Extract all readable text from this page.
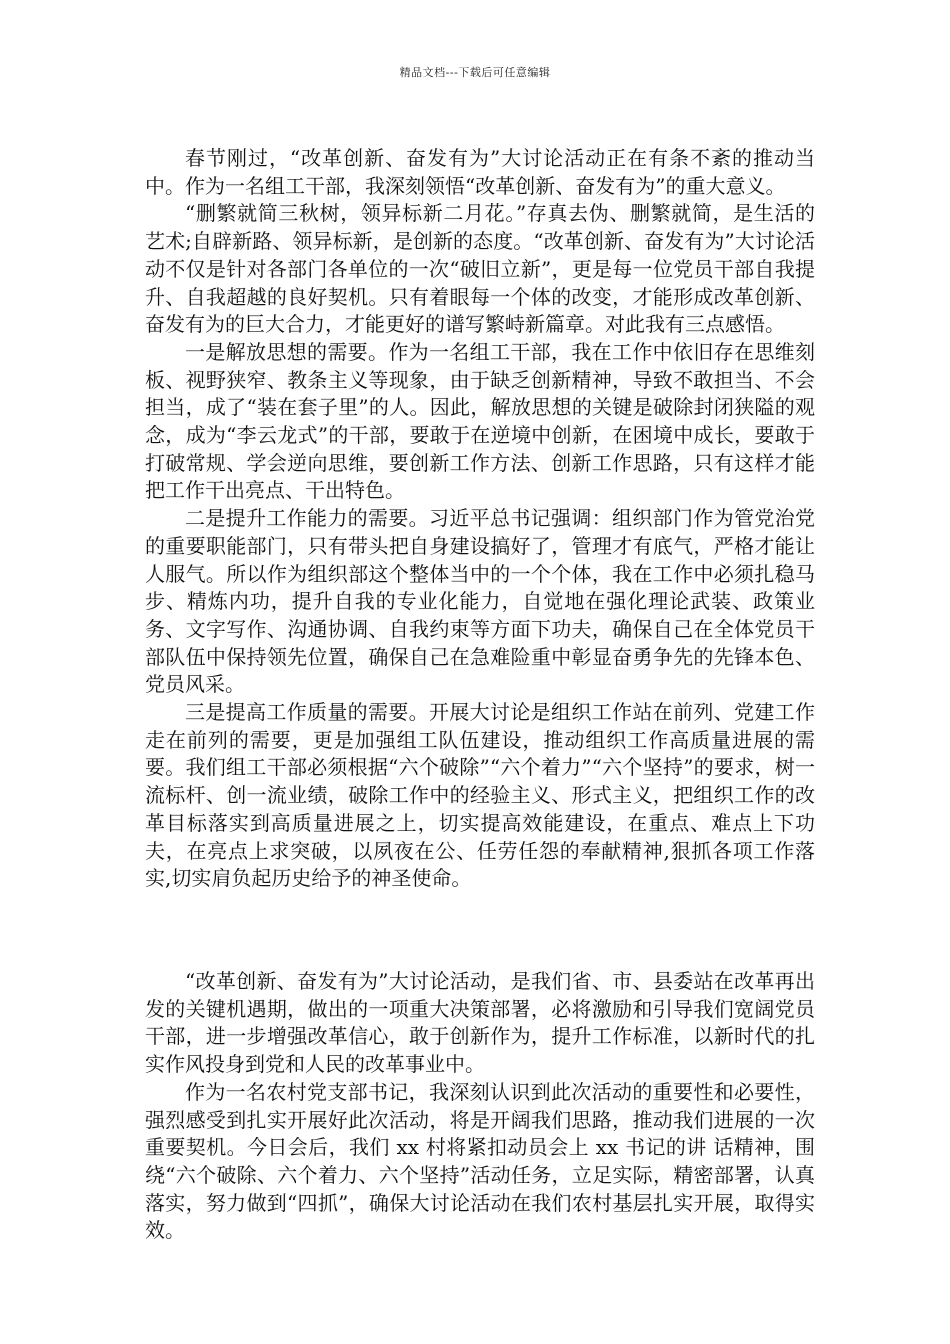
精品文档---下载后可任意编辑

春节刚过，“改革创新、奋发有为”大讨论活动正在有条不紊的推动当中。作为一名组工干部，我深刻领悟“改革创新、奋发有为”的重大意义。

“删繁就简三秋树，领异标新二月花。”存真去伪、删繁就简，是生活的艺术;自辟新路、领异标新，是创新的态度。“改革创新、奋发有为”大讨论活动不仅是针对各部门各单位的一次“破旧立新”，更是每一位党员干部自我提升、自我超越的良好契机。只有着眼每一个体的改变，才能形成改革创新、奋发有为的巨大合力，才能更好的谱写繁峙新篇章。对此我有三点感悟。

一是解放思想的需要。作为一名组工干部，我在工作中依旧存在思维刻板、视野狭窄、教条主义等现象，由于缺乏创新精神，导致不敢担当、不会担当，成了“装在套子里”的人。因此，解放思想的关键是破除封闭狭隘的观念，成为“李云龙式”的干部，要敢于在逆境中创新，在困境中成长，要敢于打破常规、学会逆向思维，要创新工作方法、创新工作思路，只有这样才能把工作干出亮点、干出特色。

二是提升工作能力的需要。习近平总书记强调：组织部门作为管党治党的重要职能部门，只有带头把自身建设搞好了，管理才有底气，严格才能让人服气。所以作为组织部这个整体当中的一个个体，我在工作中必须扎稳马步、精炼内功，提升自我的专业化能力，自觉地在强化理论武装、政策业务、文字写作、沟通协调、自我约束等方面下功夫，确保自己在全体党员干部队伍中保持领先位置，确保自己在急难险重中彰显奋勇争先的先锋本色、党员风采。

三是提高工作质量的需要。开展大讨论是组织工作站在前列、党建工作走在前列的需要，更是加强组工队伍建设，推动组织工作高质量进展的需要。我们组工干部必须根据“六个破除”“六个着力”“六个坚持”的要求，树一流标杆、创一流业绩，破除工作中的经验主义、形式主义，把组织工作的改革目标落实到高质量进展之上，切实提高效能建设，在重点、难点上下功夫，在亮点上求突破，以夙夜在公、任劳任怨的奉献精神,狠抓各项工作落实,切实肩负起历史给予的神圣使命。

“改革创新、奋发有为”大讨论活动，是我们省、市、县委站在改革再出发的关键机遇期，做出的一项重大决策部署，必将激励和引导我们宽阔党员干部，进一步增强改革信心，敢于创新作为，提升工作标准，以新时代的扎实作风投身到党和人民的改革事业中。

作为一名农村党支部书记，我深刻认识到此次活动的重要性和必要性，强烈感受到扎实开展好此次活动，将是开阔我们思路，推动我们进展的一次重要契机。今日会后，我们 xx 村将紧扣动员会上 xx 书记的讲 话精神，围绕“六个破除、六个着力、六个坚持”活动任务，立足实际，精密部署，认真落实，努力做到“四抓”，确保大讨论活动在我们农村基层扎实开展，取得实效。
